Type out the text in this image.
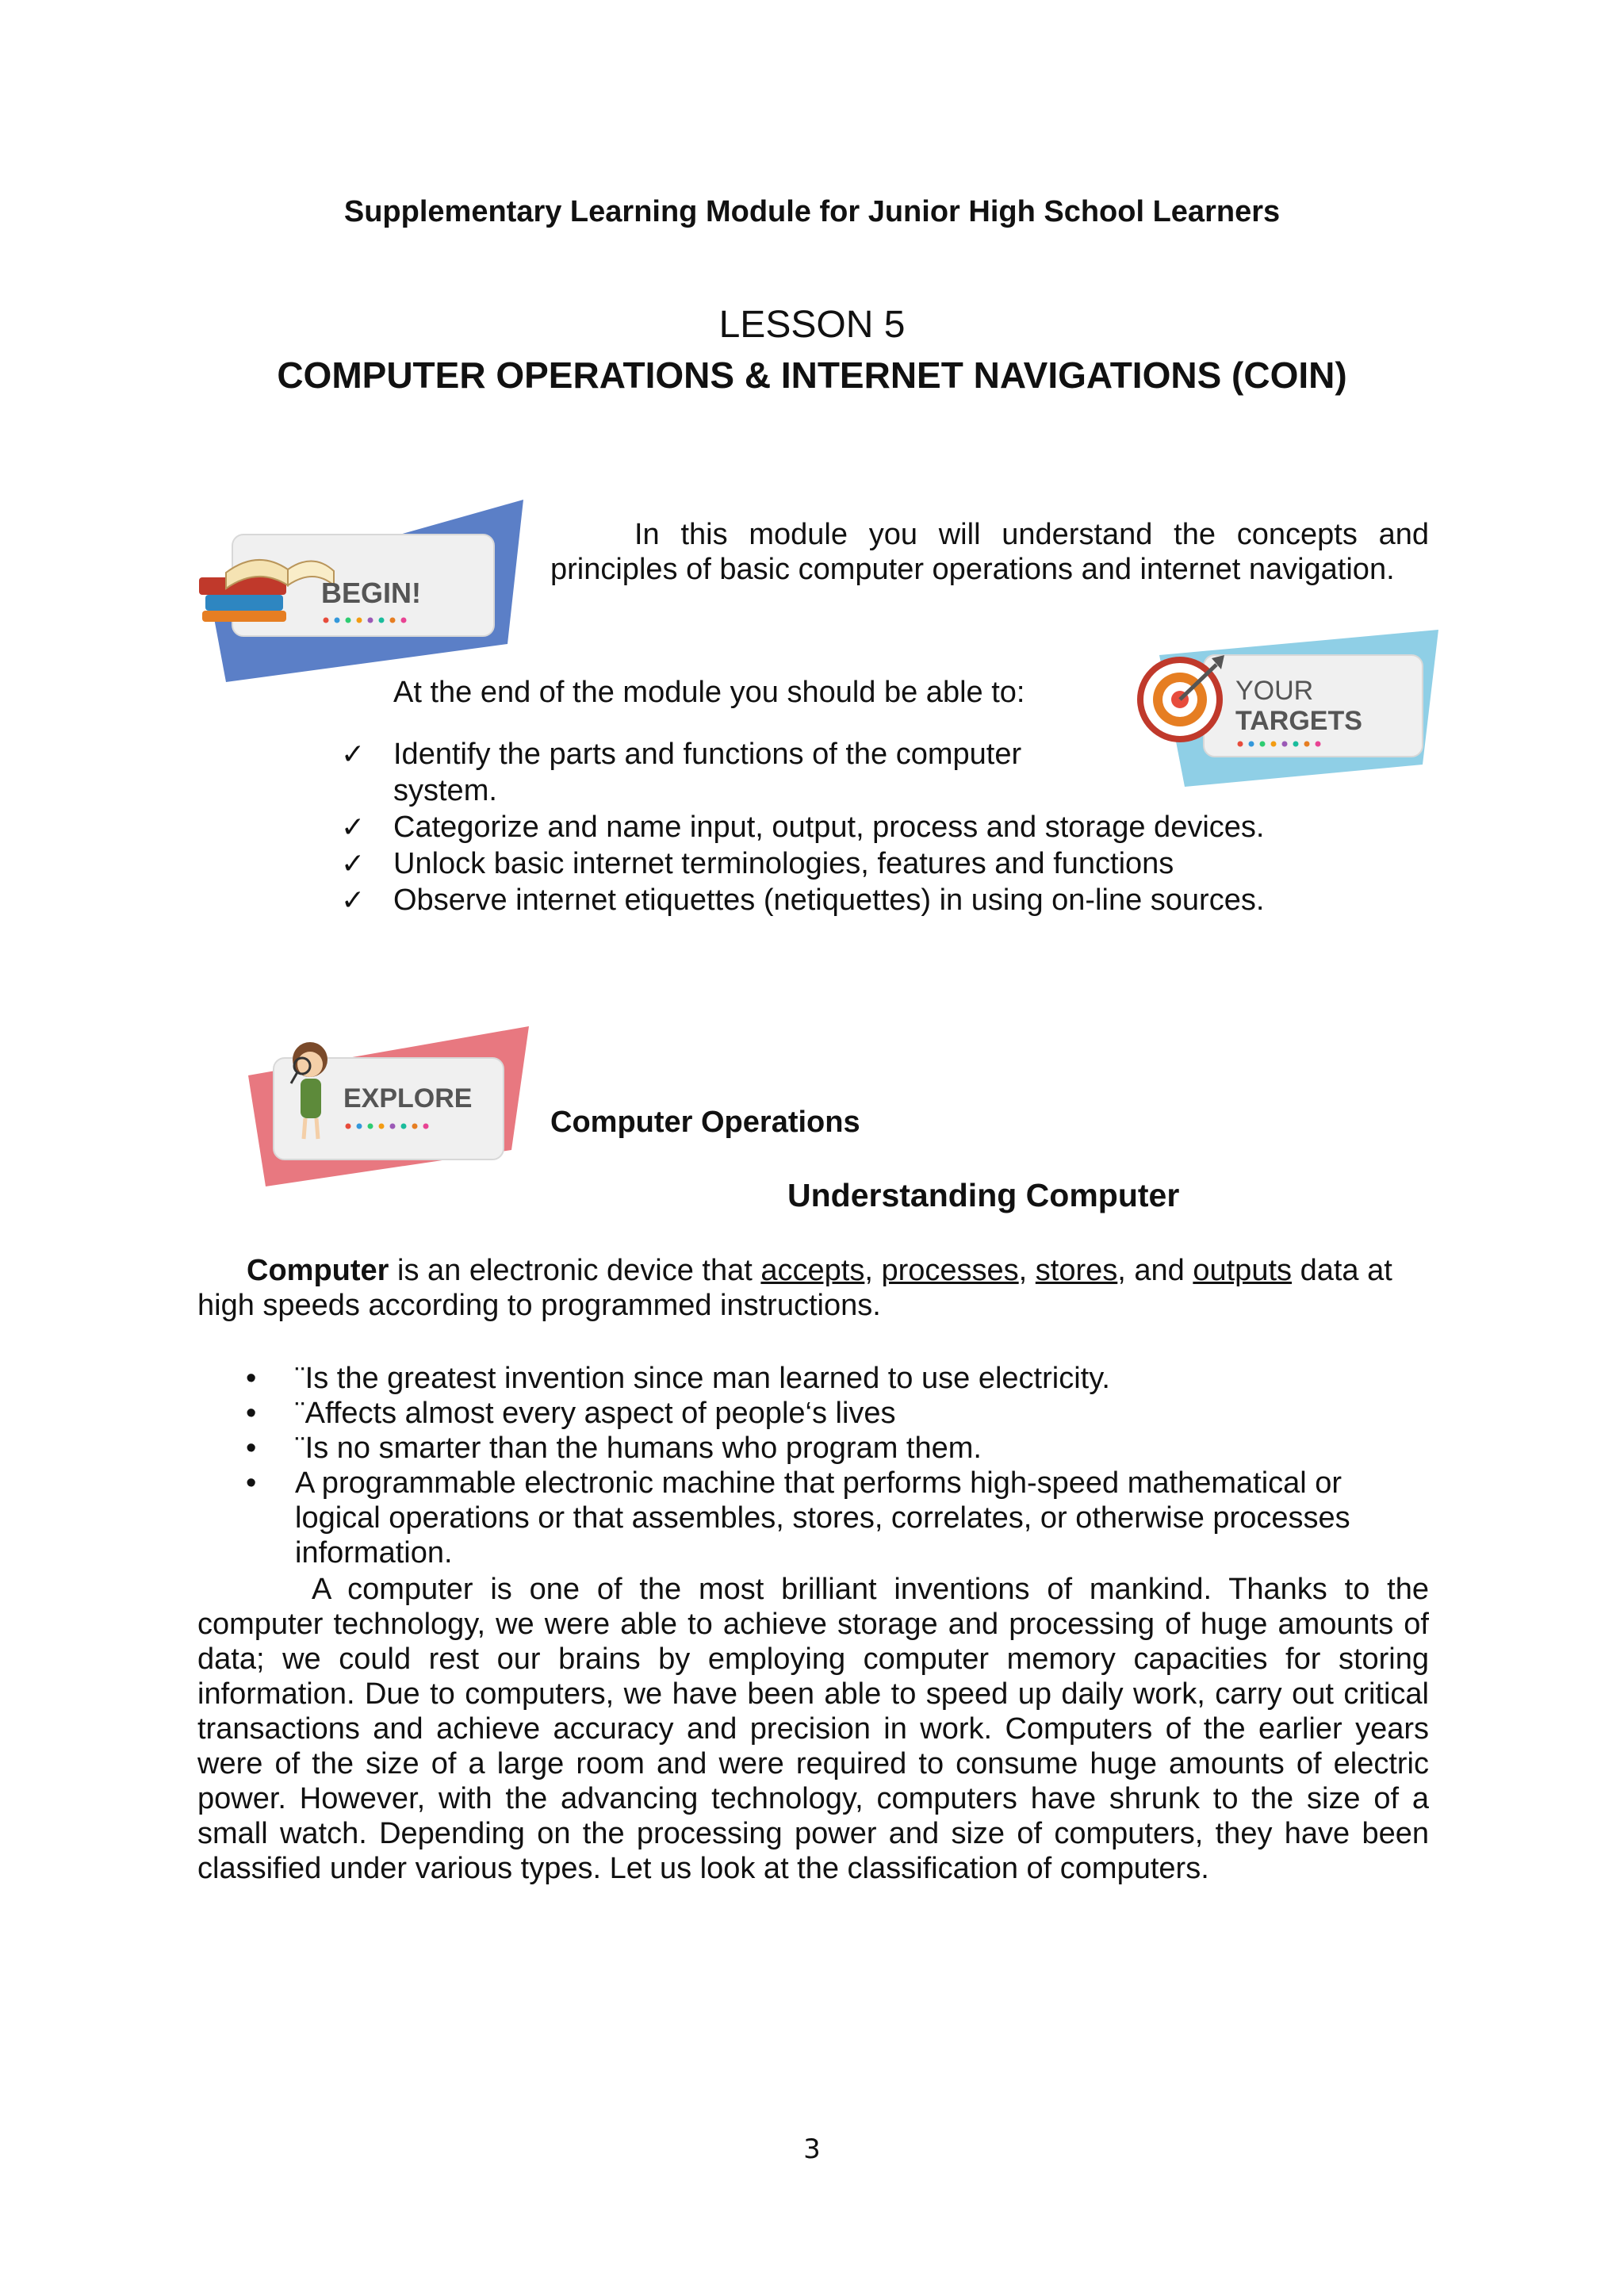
Supplementary Learning Module for Junior High School Learners
LESSON 5
COMPUTER OPERATIONS & INTERNET NAVIGATIONS (COIN)
BEGIN!
In this module you will understand the concepts and principles of basic computer operations and internet navigation.
YOUR
TARGETS
At the end of the module you should be able to:
✓ Identify the parts and functions of the computer system.
✓ Categorize and name input, output, process and storage devices.
✓ Unlock basic internet terminologies, features and functions
✓ Observe internet etiquettes (netiquettes) in using on-line sources.
EXPLORE
Computer Operations
Understanding Computer
Computer is an electronic device that accepts, processes, stores, and outputs data at high speeds according to programmed instructions.
• ¨Is the greatest invention since man learned to use electricity.
• ¨Affects almost every aspect of people‘s lives
• ¨Is no smarter than the humans who program them.
• A programmable electronic machine that performs high-speed mathematical or logical operations or that assembles, stores, correlates, or otherwise processes information.
A computer is one of the most brilliant inventions of mankind. Thanks to the computer technology, we were able to achieve storage and processing of huge amounts of data; we could rest our brains by employing computer memory capacities for storing information. Due to computers, we have been able to speed up daily work, carry out critical transactions and achieve accuracy and precision in work. Computers of the earlier years were of the size of a large room and were required to consume huge amounts of electric power. However, with the advancing technology, computers have shrunk to the size of a small watch. Depending on the processing power and size of computers, they have been classified under various types. Let us look at the classification of computers.
3
